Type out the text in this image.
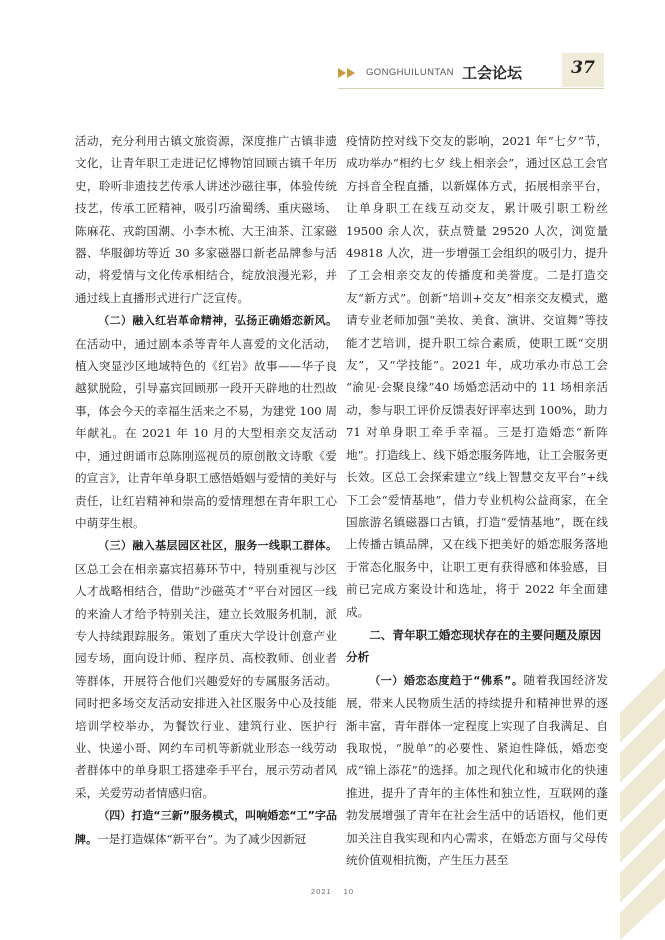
GONGHUILUNTAN 工会论坛	37

活动，充分利用古镇文旅资源，深度推广古镇非遗文化，让青年职工走进记忆博物馆回顾古镇千年历史，聆听非遗技艺传承人讲述沙磁往事，体验传统技艺，传承工匠精神，吸引巧渝蜀绣、重庆磁场、陈麻花、戎韵国潮、小李木梳、大王油茶、江家磁器、华服御坊等近 30 多家磁器口新老品牌参与活动，将爱情与文化传承相结合，绽放浪漫光彩，并通过线上直播形式进行广泛宣传。

（二）融入红岩革命精神，弘扬正确婚恋新风。在活动中，通过剧本杀等青年人喜爱的文化活动，植入突显沙区地域特色的《红岩》故事——华子良越狱脱险，引导嘉宾回顾那一段开天辟地的壮烈故事，体会今天的幸福生活来之不易，为建党 100 周年献礼。在 2021 年 10 月的大型相亲交友活动中，通过朗诵市总陈刚巡视员的原创散文诗歌《爱的宣言》，让青年单身职工感悟婚姻与爱情的美好与责任，让红岩精神和崇高的爱情理想在青年职工心中萌芽生根。

（三）融入基层园区社区，服务一线职工群体。区总工会在相亲嘉宾招募环节中，特别重视与沙区人才战略相结合，借助“沙磁英才”平台对园区一线的来渝人才给予特别关注，建立长效服务机制，派专人持续跟踪服务。策划了重庆大学设计创意产业园专场，面向设计师、程序员、高校教师、创业者等群体，开展符合他们兴趣爱好的专属服务活动。同时把多场交友活动安排进入社区服务中心及技能培训学校举办，为餐饮行业、建筑行业、医护行业、快递小哥、网约车司机等新就业形态一线劳动者群体中的单身职工搭建牵手平台，展示劳动者风采，关爱劳动者情感归宿。

（四）打造“三新”服务模式，叫响婚恋“工”字品牌。一是打造媒体“新平台”。为了减少因新冠

疫情防控对线下交友的影响，2021 年“七夕”节，成功举办“相约七夕 线上相亲会”，通过区总工会官方抖音全程直播，以新媒体方式，拓展相亲平台，让单身职工在线互动交友，累计吸引职工粉丝 19500 余人次，获点赞量 29520 人次，浏览量 49818 人次，进一步增强工会组织的吸引力，提升了工会相亲交友的传播度和美誉度。二是打造交友“新方式”。创新“培训+交友”相亲交友模式，邀请专业老师加强“美妆、美食、演讲、交谊舞”等技能才艺培训，提升职工综合素质，使职工既“交朋友”，又“学技能”。2021 年，成功承办市总工会 “渝见·会聚良缘”40 场婚恋活动中的 11 场相亲活动，参与职工评价反馈表好评率达到 100%，助力 71 对单身职工牵手幸福。三是打造婚恋“新阵地”。打造线上、线下婚恋服务阵地，让工会服务更长效。区总工会探索建立“线上智慧交友平台”+线下工会“爱情基地”，借力专业机构公益商家，在全国旅游名镇磁器口古镇，打造“爱情基地”，既在线上传播古镇品牌，又在线下把美好的婚恋服务落地于常态化服务中，让职工更有获得感和体验感，目前已完成方案设计和选址，将于 2022 年全面建成。

二、青年职工婚恋现状存在的主要问题及原因分析

（一）婚恋态度趋于“佛系”。随着我国经济发展，带来人民物质生活的持续提升和精神世界的逐渐丰富，青年群体一定程度上实现了自我满足、自我取悦，“脱单”的必要性、紧迫性降低，婚恋变成“锦上添花”的选择。加之现代化和城市化的快速推进，提升了青年的主体性和独立性，互联网的蓬勃发展增强了青年在社会生活中的话语权，他们更加关注自我实现和内心需求，在婚恋方面与父母传统价值观相抗衡，产生压力甚至

2021 10
